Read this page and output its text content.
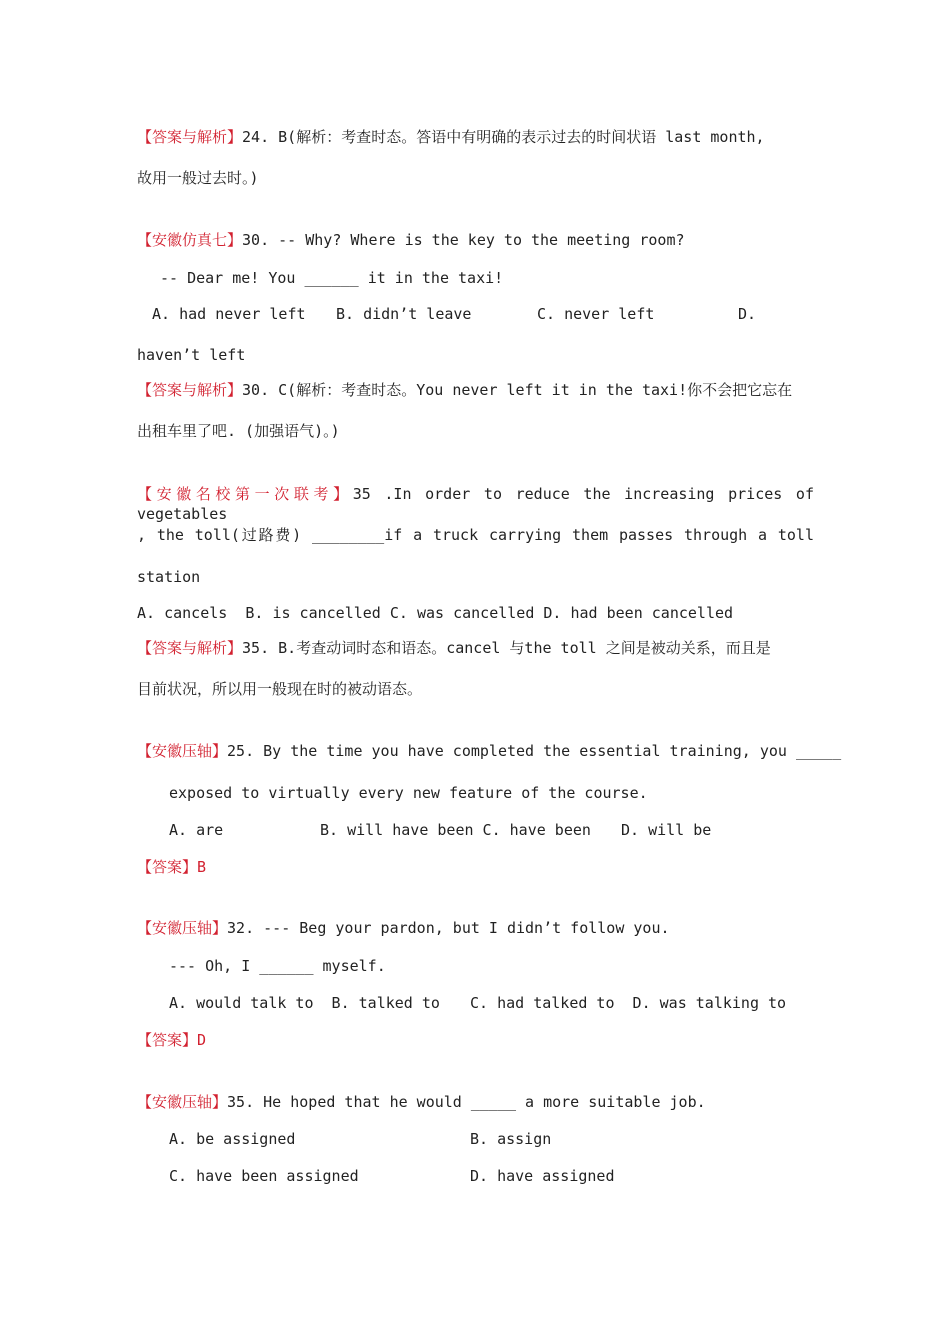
【答案与解析】24. B(解析：考查时态。答语中有明确的表示过去的时间状语 last month,
故用一般过去时。)
【安徽仿真七】30. -- Why? Where is the key to the meeting room?
-- Dear me! You ______ it in the taxi!
A. had never left B. didn’t leave	C. never left	D.
haven’t left
【答案与解析】30. C(解析：考查时态。You never left it in the taxi!你不会把它忘在
出租车里了吧. (加强语气)。)
【安徽名校第一次联考】35 .In order to reduce the increasing prices of vegetables
, the toll(过路费) ________if a truck carrying them passes through a toll
station
A. cancels  B. is cancelled C. was cancelled D. had been cancelled
【答案与解析】35. B.考查动词时态和语态。cancel 与the toll 之间是被动关系，而且是
目前状况，所以用一般现在时的被动语态。
【安徽压轴】25. By the time you have completed the essential training, you _____
exposed to virtually every new feature of the course.
A. are	B. will have been C. have been D. will be
【答案】B
【安徽压轴】32. --- Beg your pardon, but I didn’t follow you.
--- Oh, I ______ myself.
A. would talk to  B. talked to C. had talked to  D. was talking to
【答案】D
【安徽压轴】35. He hoped that he would _____ a more suitable job.
A. be assigned	B. assign
C. have been assigned	D. have assigned
